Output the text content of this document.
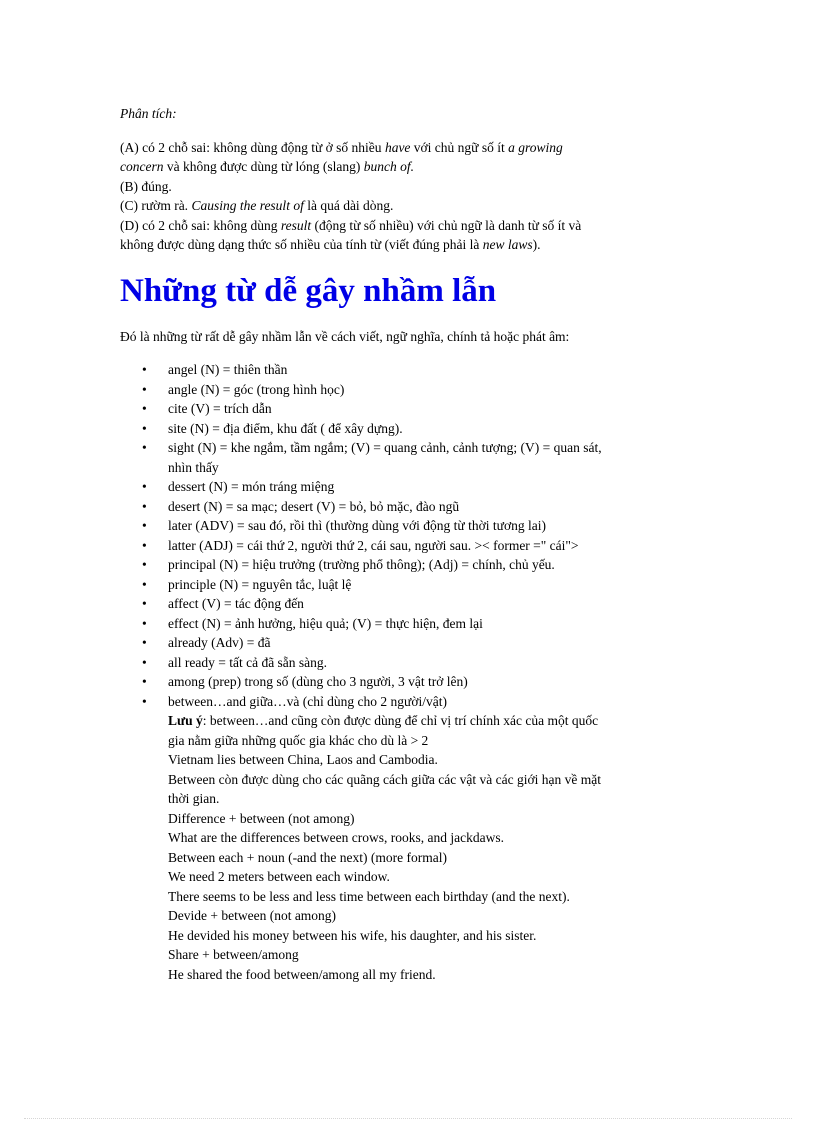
Phân tích:

(A) có 2 chỗ sai: không dùng động từ ở số nhiều have với chủ ngữ số ít a growing

concern và không được dùng từ lóng (slang) bunch of.

(B) đúng.

(C) rườm rà. Causing the result of là quá dài dòng.

(D) có 2 chỗ sai: không dùng result (động từ số nhiều) với chủ ngữ là danh từ số ít và

không được dùng dạng thức số nhiều của tính từ (viết đúng phải là new laws).

Những từ dễ gây nhầm lẫn

Đó là những từ rất dễ gây nhầm lẫn về cách viết, ngữ nghĩa, chính tả hoặc phát âm:

• angel (N) = thiên thần
• angle (N) = góc (trong hình học)
• cite (V) = trích dẫn
• site (N) = địa điểm, khu đất ( để xây dựng).
• sight (N) = khe ngắm, tầm ngắm; (V) = quang cảnh, cảnh tượng; (V) = quan sát,
nhìn thấy
• dessert (N) = món tráng miệng
• desert (N) = sa mạc; desert (V) = bỏ, bỏ mặc, đào ngũ
• later (ADV) = sau đó, rồi thì (thường dùng với động từ thời tương lai)
• latter (ADJ) = cái thứ 2, người thứ 2, cái sau, người sau. >< former =" cái">
• principal (N) = hiệu trưởng (trường phổ thông); (Adj) = chính, chủ yếu.
• principle (N) = nguyên tắc, luật lệ
• affect (V) = tác động đến
• effect (N) = ảnh hưởng, hiệu quả; (V) = thực hiện, đem lại
• already (Adv) = đã
• all ready = tất cả đã sẵn sàng.
• among (prep) trong số (dùng cho 3 người, 3 vật trở lên)
• between…and giữa…và (chỉ dùng cho 2 người/vật)
Lưu ý: between…and cũng còn được dùng để chỉ vị trí chính xác của một quốc
gia nằm giữa những quốc gia khác cho dù là > 2
Vietnam lies between China, Laos and Cambodia.
Between còn được dùng cho các quãng cách giữa các vật và các giới hạn về mặt
thời gian.
Difference + between (not among)
What are the differences between crows, rooks, and jackdaws.
Between each + noun (-and the next) (more formal)
We need 2 meters between each window.
There seems to be less and less time between each birthday (and the next).
Devide + between (not among)
He devided his money between his wife, his daughter, and his sister.
Share + between/among
He shared the food between/among all my friend.
